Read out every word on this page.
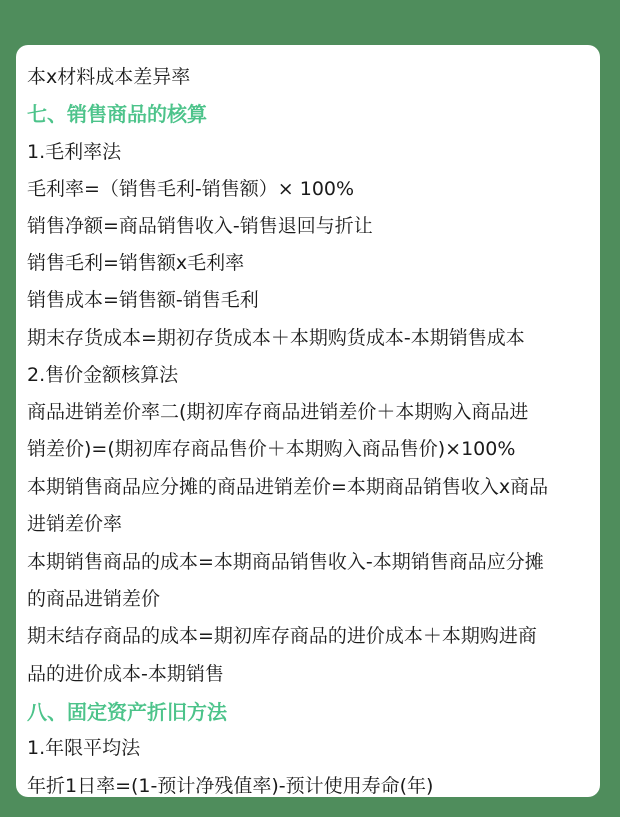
本x材料成本差异率
七、销售商品的核算
1.毛利率法
毛利率=（销售毛利-销售额）× 100%
销售净额=商品销售收入-销售退回与折让
销售毛利=销售额x毛利率
销售成本=销售额-销售毛利
期末存货成本=期初存货成本＋本期购货成本-本期销售成本
2.售价金额核算法
商品进销差价率二(期初库存商品进销差价＋本期购入商品进
销差价)=(期初库存商品售价＋本期购入商品售价)×100%
本期销售商品应分摊的商品进销差价=本期商品销售收入x商品
进销差价率
本期销售商品的成本=本期商品销售收入-本期销售商品应分摊
的商品进销差价
期末结存商品的成本=期初库存商品的进价成本＋本期购进商
品的进价成本-本期销售
八、固定资产折旧方法
1.年限平均法
年折1日率=(1-预计净残值率)-预计使用寿命(年)
